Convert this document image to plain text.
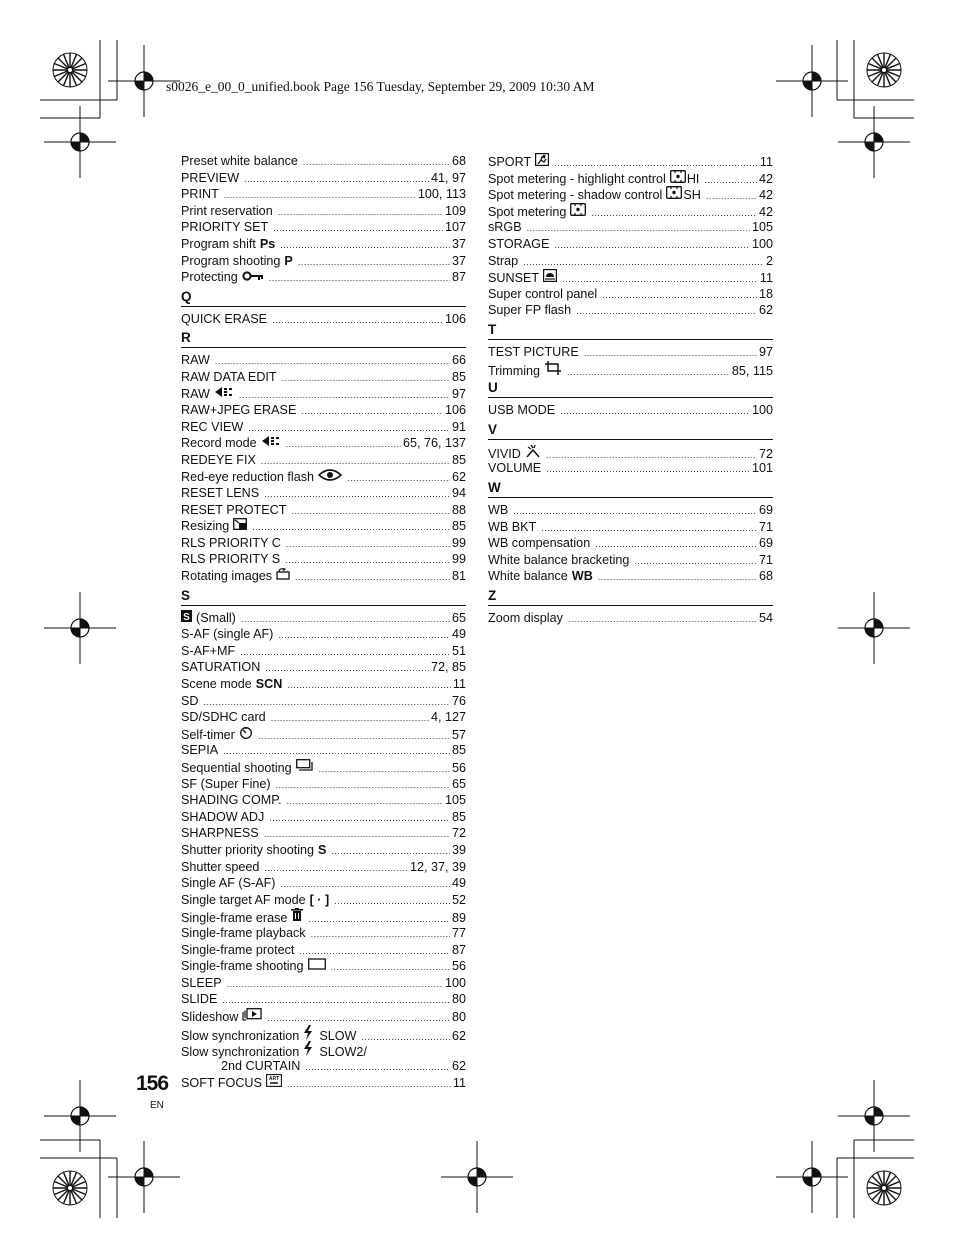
s0026_e_00_0_unified.book Page 156 Tuesday, September 29, 2009 10:30 AM
Preset white balance .....	68
PREVIEW .....	41, 97
PRINT .....	100, 113
Print reservation .....	109
PRIORITY SET .....	107
Program shift Ps .....	37
Program shooting P .....	37
Protecting .....	87
Q
QUICK ERASE .....	106
R
RAW .....	66
RAW DATA EDIT .....	85
RAW .....	97
RAW+JPEG ERASE .....	106
REC VIEW .....	91
Record mode .....	65, 76, 137
REDEYE FIX .....	85
Red-eye reduction flash .....	62
RESET LENS .....	94
RESET PROTECT .....	88
Resizing .....	85
RLS PRIORITY C .....	99
RLS PRIORITY S .....	99
Rotating images .....	81
S
S (Small) .....	65
S-AF (single AF) .....	49
S-AF+MF .....	51
SATURATION .....	72, 85
Scene mode SCN .....	11
SD .....	76
SD/SDHC card .....	4, 127
Self-timer .....	57
SEPIA .....	85
Sequential shooting .....	56
SF (Super Fine) .....	65
SHADING COMP. .....	105
SHADOW ADJ .....	85
SHARPNESS .....	72
Shutter priority shooting S .....	39
Shutter speed .....	12, 37, 39
Single AF (S-AF) .....	49
Single target AF mode [ · ] .....	52
Single-frame erase .....	89
Single-frame playback .....	77
Single-frame protect .....	87
Single-frame shooting .....	56
SLEEP .....	100
SLIDE .....	80
Slideshow .....	80
Slow synchronization SLOW .....	62
Slow synchronization SLOW2/
2nd CURTAIN .....	62
SOFT FOCUS ART .....	11
SPORT .....	11
Spot metering - highlight control HI .....	42
Spot metering - shadow control SH .....	42
Spot metering .....	42
sRGB .....	105
STORAGE .....	100
Strap .....	2
SUNSET .....	11
Super control panel .....	18
Super FP flash .....	62
T
TEST PICTURE .....	97
Trimming .....	85, 115
U
USB MODE .....	100
V
VIVID .....	72
VOLUME .....	101
W
WB .....	69
WB BKT .....	71
WB compensation .....	69
White balance bracketing .....	71
White balance WB .....	68
Z
Zoom display .....	54
156
EN
